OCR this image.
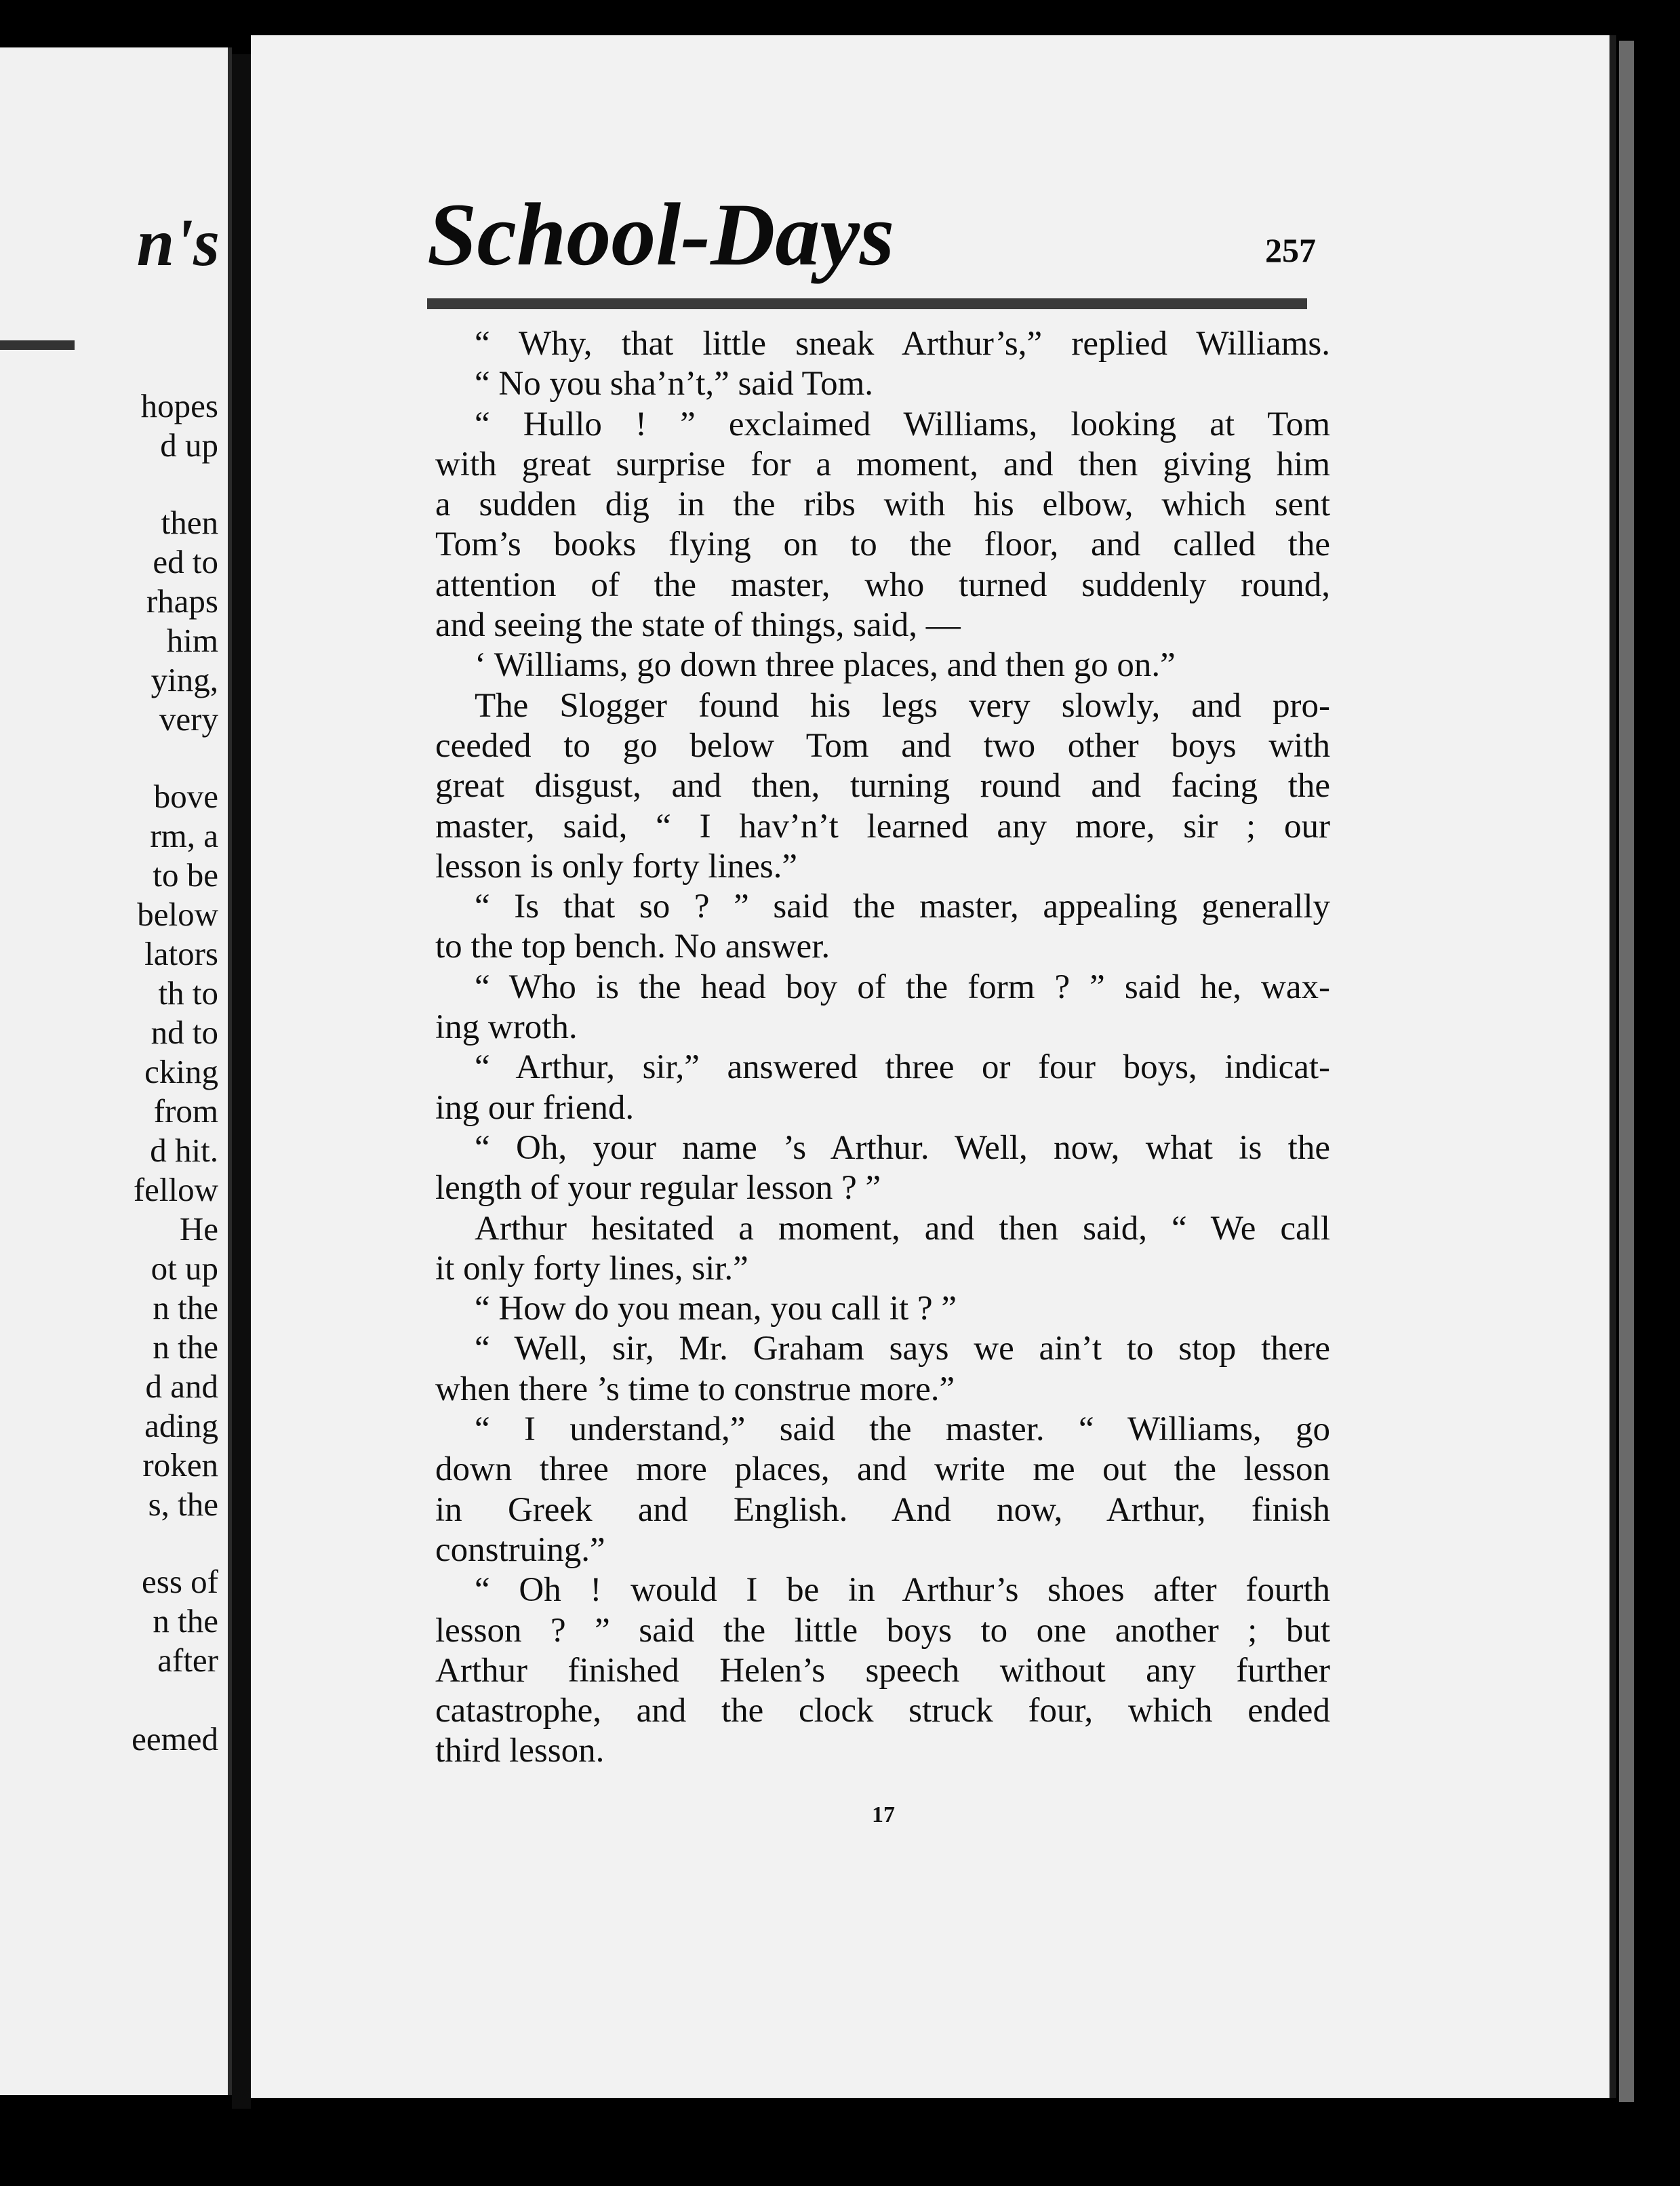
n's

hopes

d up

then

ed to

rhaps

him

ying,

very

bove

rm, a

to be

below

lators

th to

nd to

cking

from

d hit.

fellow

He

ot up

n the

n the

d and

ading

roken

s, the

ess of

n the

after

eemed

School-Days	257

“ Why, that little sneak Arthur’s,” replied Williams.
“ No you sha’n’t,” said Tom.
“ Hullo ! ” exclaimed Williams, looking at Tom
with great surprise for a moment, and then giving him
a sudden dig in the ribs with his elbow, which sent
Tom’s books flying on to the floor, and called the
attention of the master, who turned suddenly round,
and seeing the state of things, said, —
‘ Williams, go down three places, and then go on.”
The Slogger found his legs very slowly, and pro-
ceeded to go below Tom and two other boys with
great disgust, and then, turning round and facing the
master, said, “ I hav’n’t learned any more, sir ; our
lesson is only forty lines.”
“ Is that so ? ” said the master, appealing generally
to the top bench. No answer.
“ Who is the head boy of the form ? ” said he, wax-
ing wroth.
“ Arthur, sir,” answered three or four boys, indicat-
ing our friend.
“ Oh, your name ’s Arthur. Well, now, what is the
length of your regular lesson ? ”
Arthur hesitated a moment, and then said, “ We call
it only forty lines, sir.”
“ How do you mean, you call it ? ”
“ Well, sir, Mr. Graham says we ain’t to stop there
when there ’s time to construe more.”
“ I understand,” said the master. “ Williams, go
down three more places, and write me out the lesson
in Greek and English. And now, Arthur, finish
construing.”
“ Oh ! would I be in Arthur’s shoes after fourth
lesson ? ” said the little boys to one another ; but
Arthur finished Helen’s speech without any further
catastrophe, and the clock struck four, which ended
third lesson.

17
